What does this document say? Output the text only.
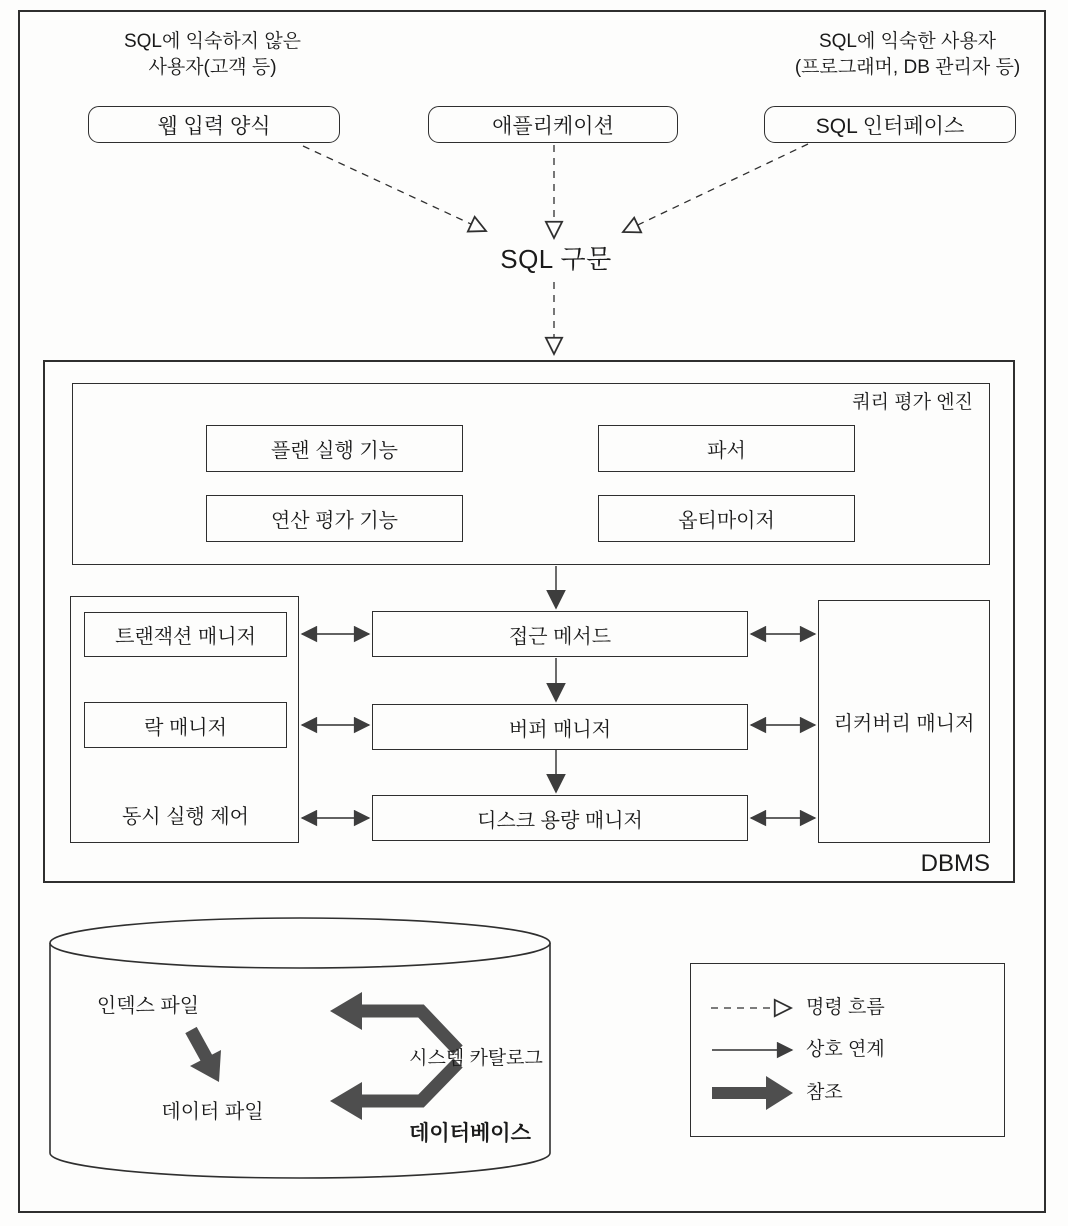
SQL에 익숙하지 않은
사용자(고객 등)
SQL에 익숙한 사용자
(프로그래머, DB 관리자 등)
웹 입력 양식	애플리케이션	SQL 인터페이스
SQL 구문
DBMS
쿼리 평가 엔진
플랜 실행 기능	파서
연산 평가 기능	옵티마이저
트랜잭션 매니저
락 매니저
동시 실행 제어
접근 메서드
버퍼 매니저
디스크 용량 매니저
리커버리 매니저
인덱스 파일
데이터 파일
시스템 카탈로그
데이터베이스
명령 흐름
상호 연계
참조
